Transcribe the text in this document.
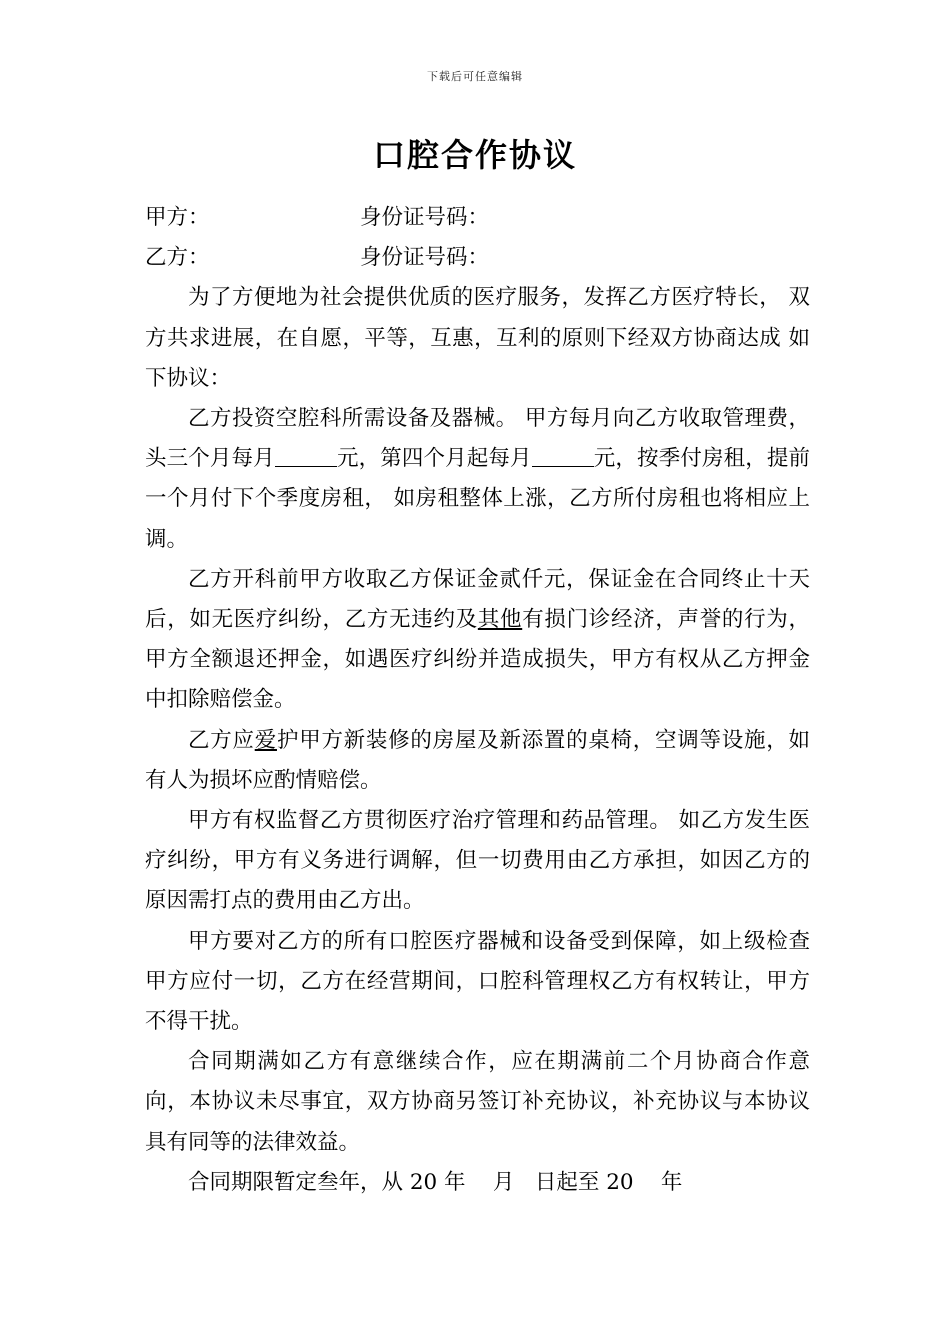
下载后可任意编辑
口腔合作协议
甲方：	身份证号码：
乙方：	身份证号码：

为了方便地为社会提供优质的医疗服务，发挥乙方医疗特长， 双方共求进展，在自愿，平等，互惠，互利的原则下经双方协商达成 如下协议：

乙方投资空腔科所需设备及器械。 甲方每月向乙方收取管理费，头三个月每月	元，第四个月起每月	元，按季付房租，提前一个月付下个季度房租， 如房租整体上涨，乙方所付房租也将相应上调。

乙方开科前甲方收取乙方保证金贰仟元，保证金在合同终止十天后，如无医疗纠纷，乙方无违约及其他有损门诊经济，声誉的行为，甲方全额退还押金，如遇医疗纠纷并造成损失，甲方有权从乙方押金中扣除赔偿金。

乙方应爱护甲方新装修的房屋及新添置的桌椅，空调等设施，如有人为损坏应酌情赔偿。

甲方有权监督乙方贯彻医疗治疗管理和药品管理。 如乙方发生医疗纠纷，甲方有义务进行调解，但一切费用由乙方承担，如因乙方的原因需打点的费用由乙方出。

甲方要对乙方的所有口腔医疗器械和设备受到保障，如上级检查甲方应付一切，乙方在经营期间，口腔科管理权乙方有权转让，甲方不得干扰。

合同期满如乙方有意继续合作，应在期满前二个月协商合作意向，本协议未尽事宜，双方协商另签订补充协议，补充协议与本协议具有同等的法律效益。

合同期限暂定叁年，从 20 年    月   日起至 20    年
